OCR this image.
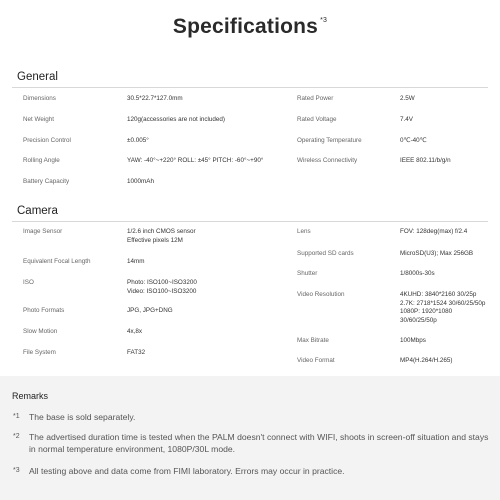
Specifications $^{*3}$
General
Dimensions	30.5*22.7*127.0mm
Net Weight	120g(accessories are not included)
Precision Control	±0.005°
Rolling Angle	YAW: -40°~+220° ROLL: ±45° PITCH: -60°~+90°
Battery Capacity	1000mAh
Rated Power	2.5W
Rated Voltage	7.4V
Operating Temperature	0℃-40℃
Wireless Connectivity	IEEE 802.11/b/g/n
Camera
Image Sensor	1/2.6 inch CMOS sensor
Effective pixels 12M
Equivalent Focal Length	14mm
ISO	Photo: ISO100~ISO3200
Video: ISO100~ISO3200
Photo Formats	JPG, JPG+DNG
Slow Motion	4x,8x
File System	FAT32
Lens	FOV: 128deg(max) f/2.4
Supported SD cards	MicroSD(U3); Max 256GB
Shutter	1/8000s-30s
Video Resolution	4KUHD: 3840*2160 30/25p
2.7K: 2718*1524 30/60/25/50p
1080P: 1920*1080
30/60/25/50p
Max Bitrate	100Mbps
Video Format	MP4(H.264/H.265)
Remarks
*1 The base is sold separately.
*2 The advertised duration time is tested when the PALM doesn't connect with WIFI, shoots in screen-off situation and stays in normal temperature environment, 1080P/30L mode.
*3 All testing above and data come from FIMI laboratory. Errors may occur in practice.
